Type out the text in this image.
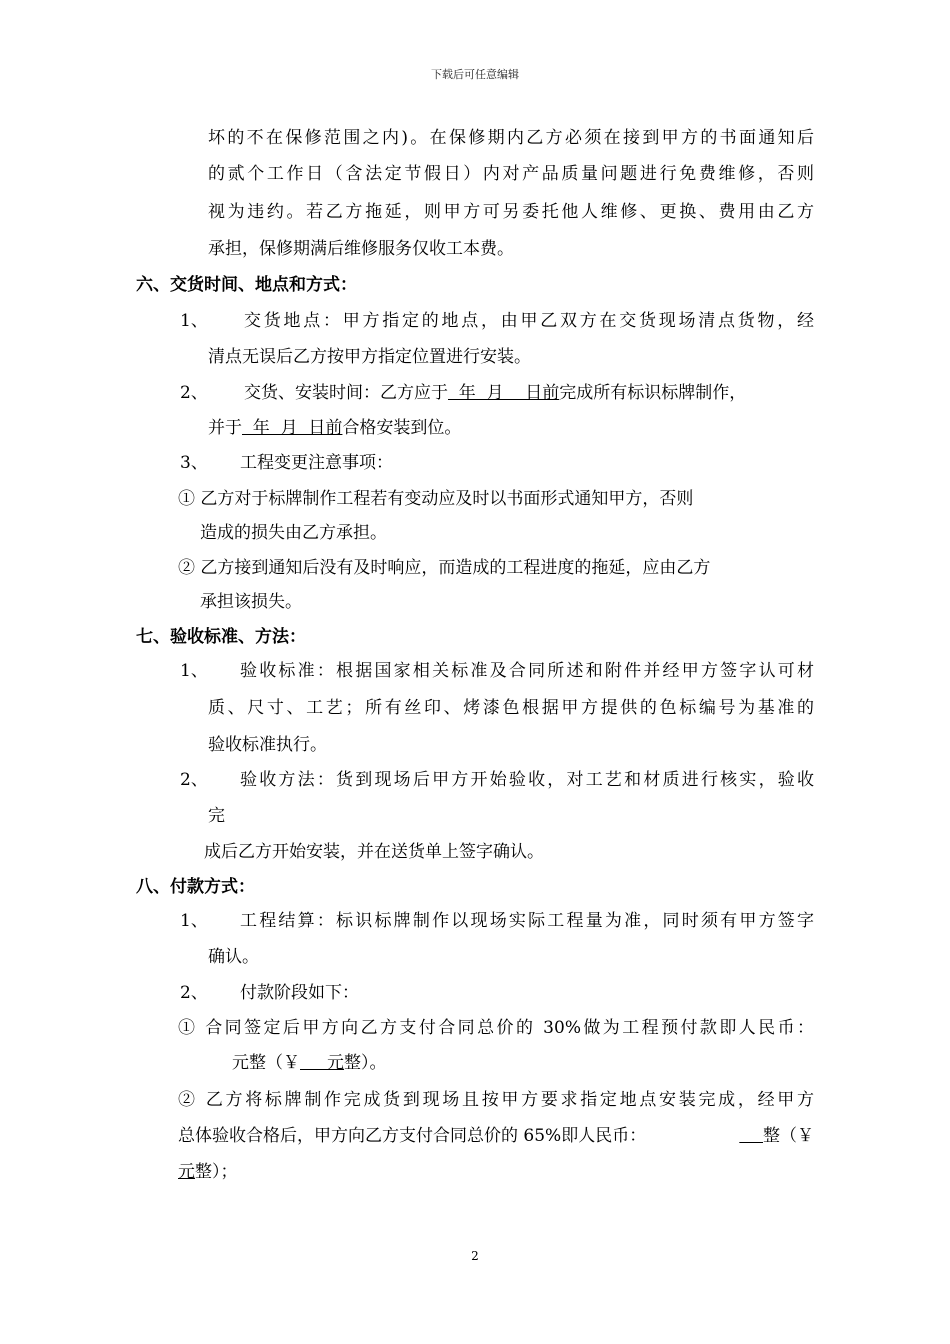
下载后可任意编辑
坏的不在保修范围之内)。在保修期内乙方必须在接到甲方的书面通知后
的贰个工作日（含法定节假日）内对产品质量问题进行免费维修，否则
视为违约。若乙方拖延，则甲方可另委托他人维修、更换、费用由乙方
承担，保修期满后维修服务仅收工本费。
六、交货时间、地点和方式：
1、 交货地点：甲方指定的地点，由甲乙双方在交货现场清点货物，经
清点无误后乙方按甲方指定位置进行安装。
2、 交货、安装时间：乙方应于  年  月    日前完成所有标识标牌制作，
并于  年  月  日前合格安装到位。
3、 工程变更注意事项：
① 乙方对于标牌制作工程若有变动应及时以书面形式通知甲方，否则
造成的损失由乙方承担。
② 乙方接到通知后没有及时响应，而造成的工程进度的拖延，应由乙方
承担该损失。
七、验收标准、方法：
1、 验收标准：根据国家相关标准及合同所述和附件并经甲方签字认可材
质、尺寸、工艺；所有丝印、烤漆色根据甲方提供的色标编号为基准的
验收标准执行。
2、 验收方法：货到现场后甲方开始验收，对工艺和材质进行核实，验收
完
成后乙方开始安装，并在送货单上签字确认。
八、付款方式：
1、 工程结算：标识标牌制作以现场实际工程量为准，同时须有甲方签字
确认。
2、 付款阶段如下：
① 合同签定后甲方向乙方支付合同总价的 30%做为工程预付款即人民币：
元整（￥     元整）。
② 乙方将标牌制作完成货到现场且按甲方要求指定地点安装完成，经甲方
总体验收合格后，甲方向乙方支付合同总价的 65%即人民币：	整（￥
元整）；
2
